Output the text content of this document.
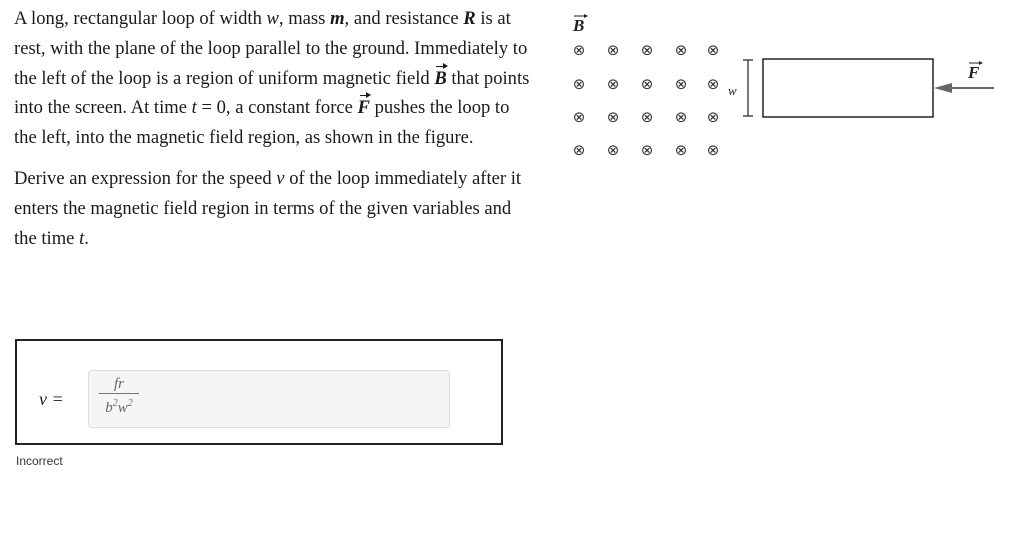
A long, rectangular loop of width w, mass m, and resistance R is at rest, with the plane of the loop parallel to the ground. Immediately to the left of the loop is a region of uniform magnetic field B that points into the screen. At time t = 0, a constant force F pushes the loop to the left, into the magnetic field region, as shown in the figure.

Derive an expression for the speed v of the loop immediately after it enters the magnetic field region in terms of the given variables and the time t.

B
⊗ ⊗ ⊗ ⊗ ⊗
⊗ ⊗ ⊗ ⊗ ⊗
⊗ ⊗ ⊗ ⊗ ⊗
⊗ ⊗ ⊗ ⊗ ⊗
w
F
v =
fr
$b^2w^2$
Incorrect
